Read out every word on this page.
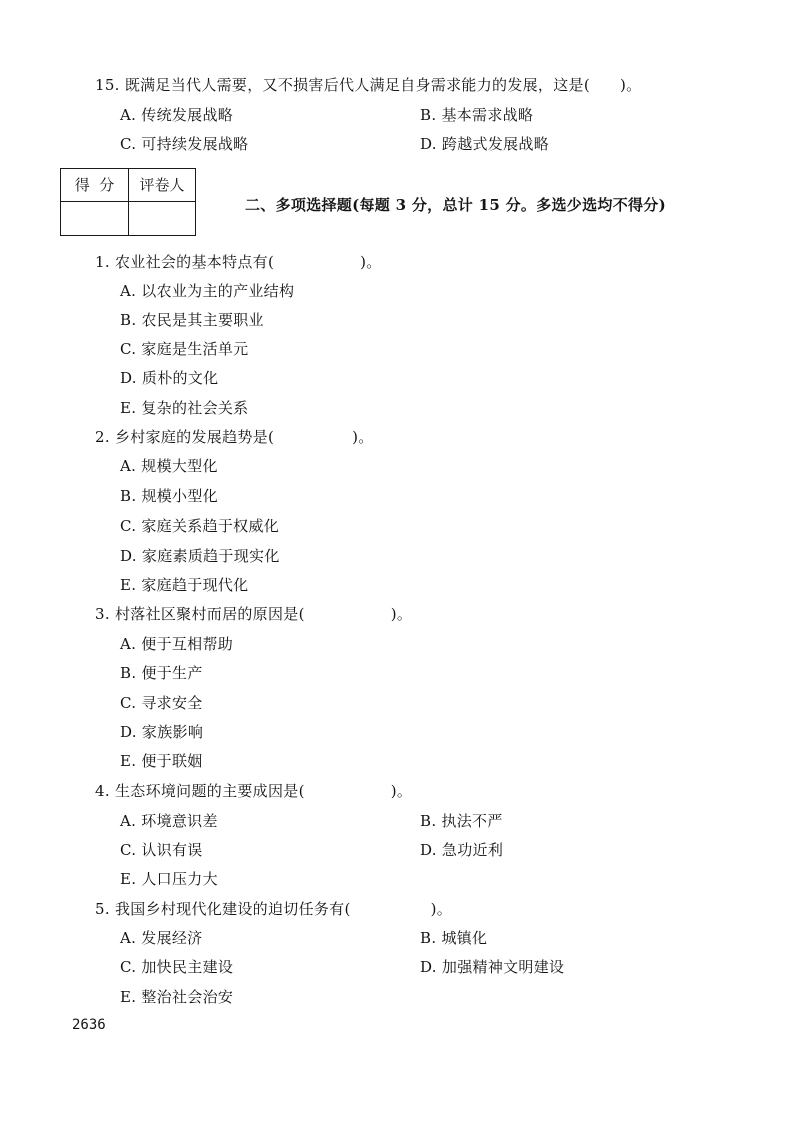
15. 既满足当代人需要，又不损害后代人满足自身需求能力的发展，这是( )。
A. 传统发展战略	B. 基本需求战略
C. 可持续发展战略	D. 跨越式发展战略
得  分	评卷人
二、多项选择题(每题 3 分，总计 15 分。多选少选均不得分)
1. 农业社会的基本特点有(	)。
A. 以农业为主的产业结构
B. 农民是其主要职业
C. 家庭是生活单元
D. 质朴的文化
E. 复杂的社会关系
2. 乡村家庭的发展趋势是(	)。
A. 规模大型化
B. 规模小型化
C. 家庭关系趋于权威化
D. 家庭素质趋于现实化
E. 家庭趋于现代化
3. 村落社区聚村而居的原因是(	)。
A. 便于互相帮助
B. 便于生产
C. 寻求安全
D. 家族影响
E. 便于联姻
4. 生态环境问题的主要成因是(	)。
A. 环境意识差	B. 执法不严
C. 认识有误	D. 急功近利
E. 人口压力大
5. 我国乡村现代化建设的迫切任务有(	)。
A. 发展经济	B. 城镇化
C. 加快民主建设	D. 加强精神文明建设
E. 整治社会治安
2636
